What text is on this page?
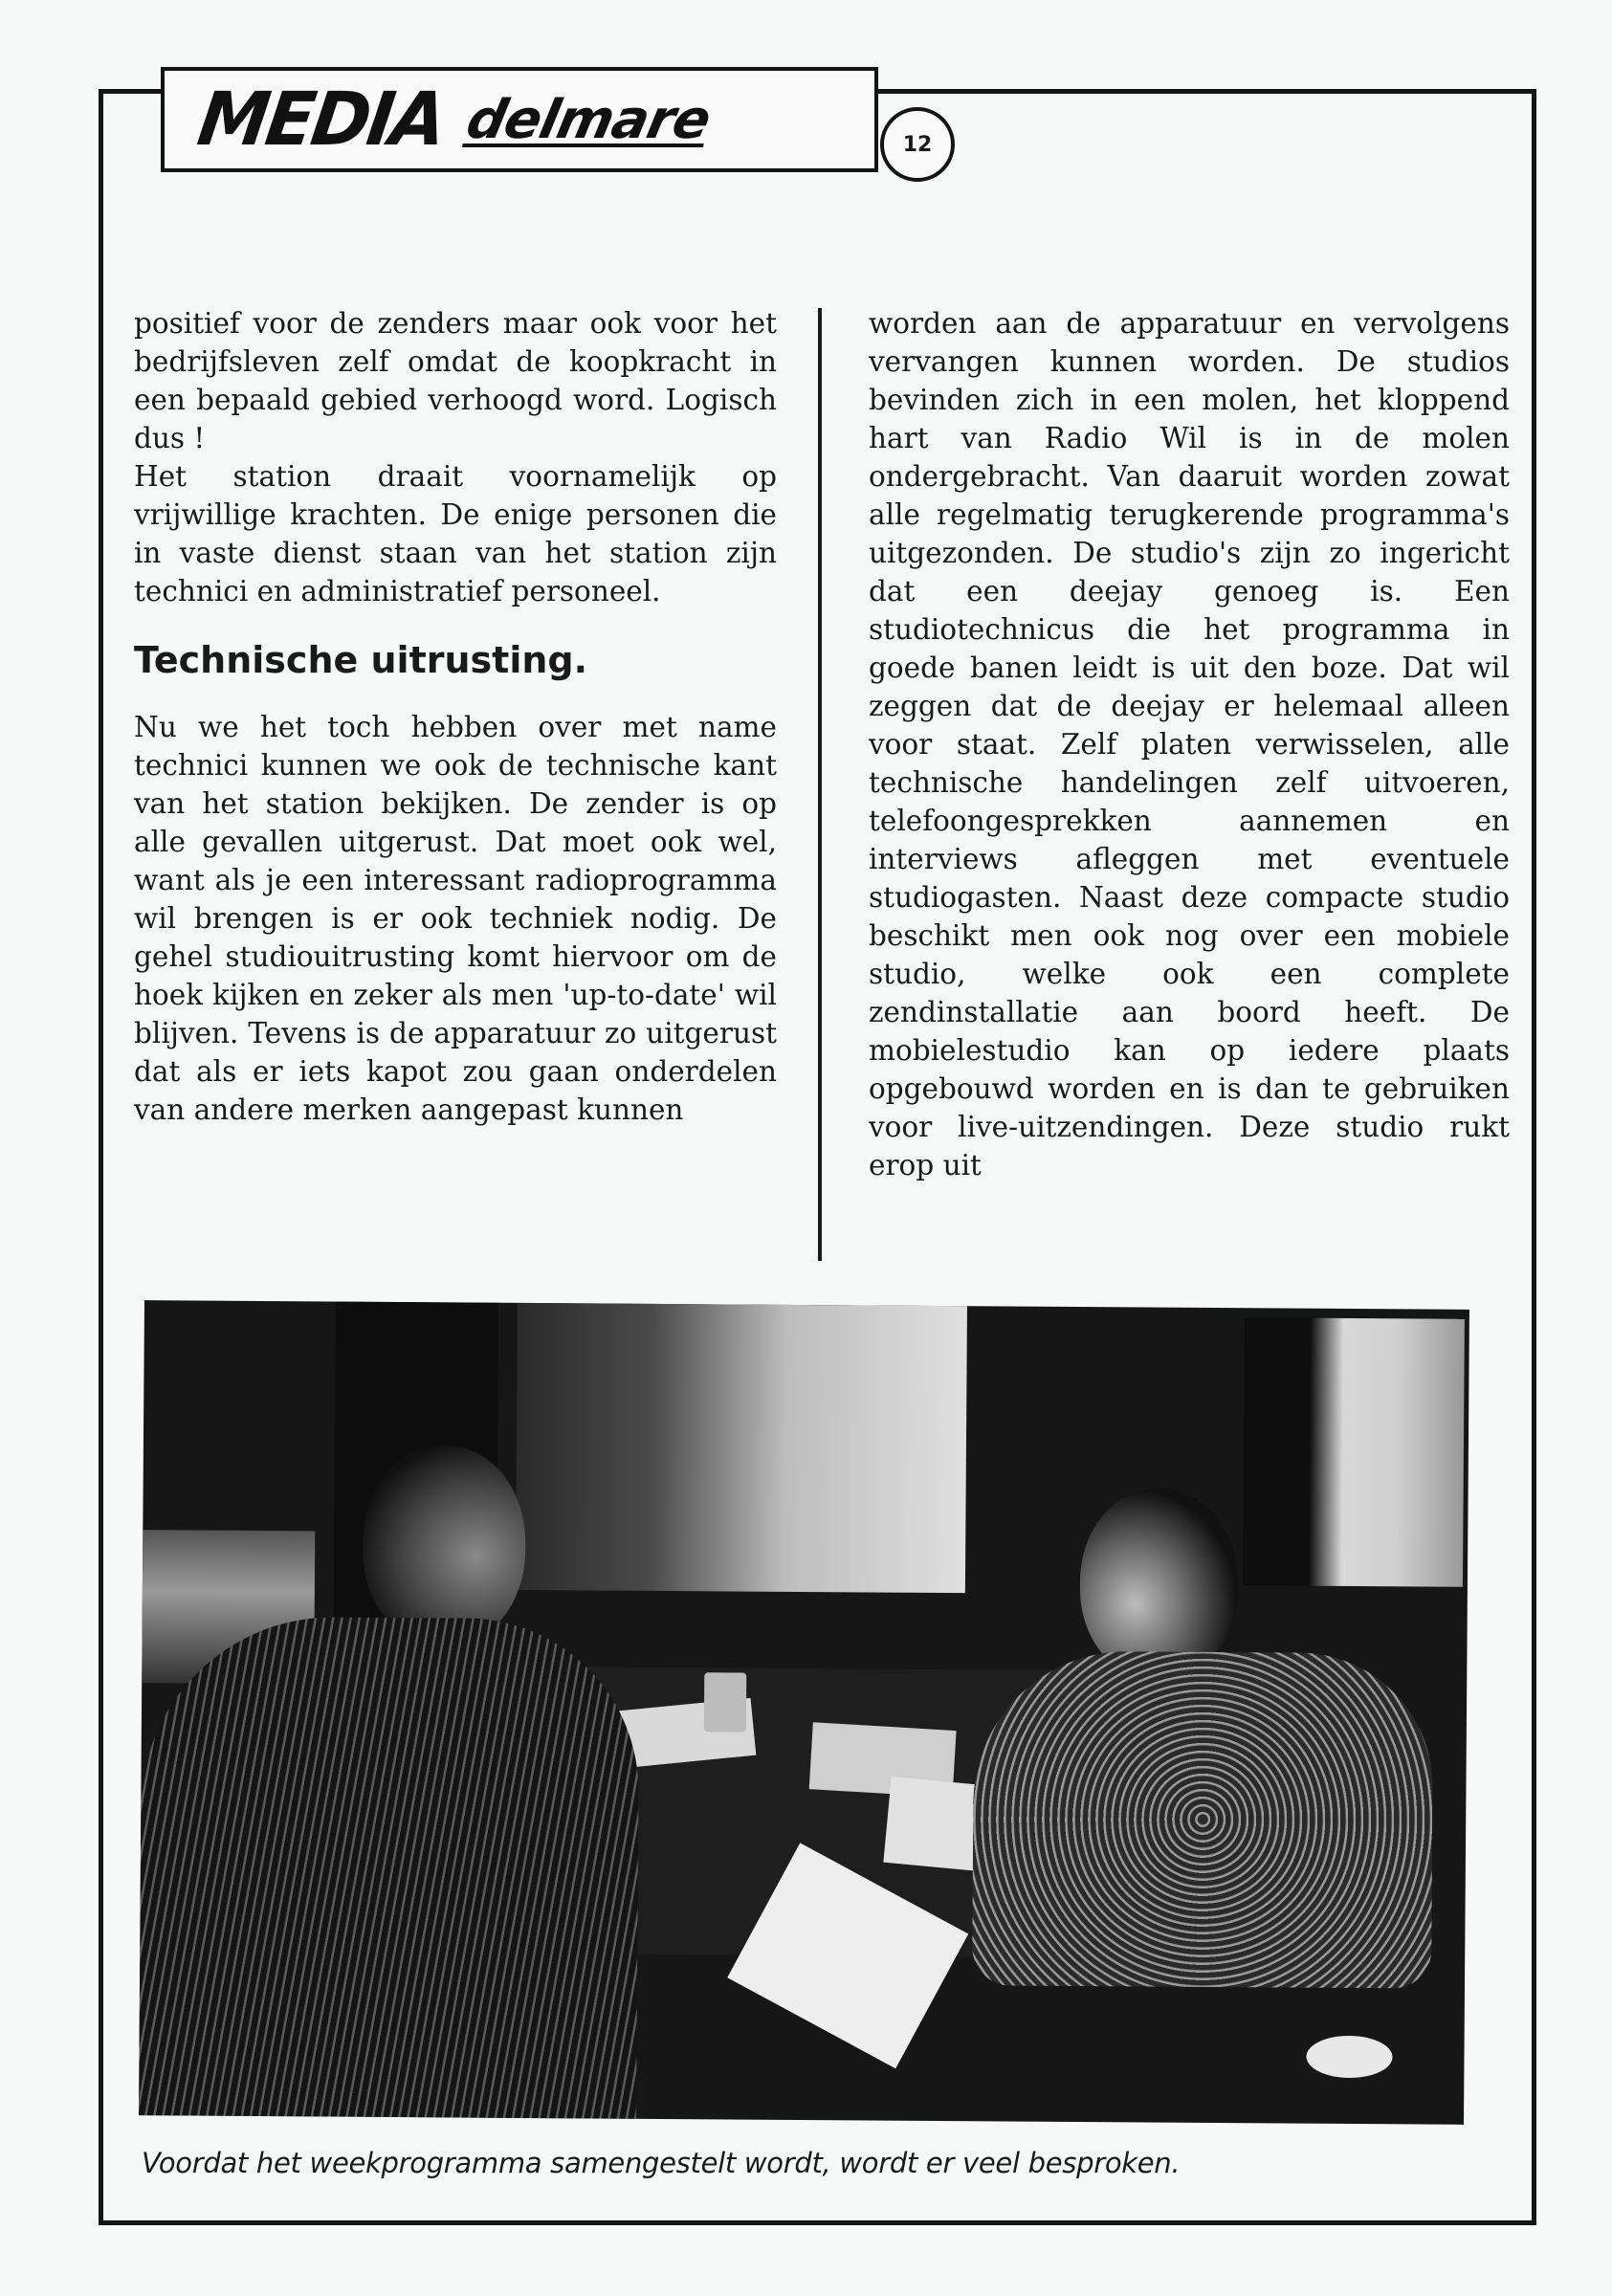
MEDIA delmare	12

positief voor de zenders maar ook voor het bedrijfsleven zelf omdat de koopkracht in een bepaald gebied verhoogd word. Logisch dus !

Het station draait voornamelijk op vrijwillige krachten. De enige personen die in vaste dienst staan van het station zijn technici en administratief personeel.

Technische uitrusting.

Nu we het toch hebben over met name technici kunnen we ook de technische kant van het station bekijken. De zender is op alle gevallen uitgerust. Dat moet ook wel, want als je een interessant radioprogramma wil brengen is er ook techniek nodig. De gehel studiouitrusting komt hiervoor om de hoek kijken en zeker als men 'up-to-date' wil blijven. Tevens is de apparatuur zo uitgerust dat als er iets kapot zou gaan onderdelen van andere merken aangepast kunnen

worden aan de apparatuur en vervolgens vervangen kunnen worden. De studios bevinden zich in een molen, het kloppend hart van Radio Wil is in de molen ondergebracht. Van daaruit worden zowat alle regelmatig terugkerende programma's uitgezonden. De studio's zijn zo ingericht dat een deejay genoeg is. Een studiotechnicus die het programma in goede banen leidt is uit den boze. Dat wil zeggen dat de deejay er helemaal alleen voor staat. Zelf platen verwisselen, alle technische handelingen zelf uitvoeren, telefoongesprekken aannemen en interviews afleggen met eventuele studiogasten. Naast deze compacte studio beschikt men ook nog over een mobiele studio, welke ook een complete zendinstallatie aan boord heeft. De mobielestudio kan op iedere plaats opgebouwd worden en is dan te gebruiken voor live-uitzendingen. Deze studio rukt erop uit

Voordat het weekprogramma samengestelt wordt, wordt er veel besproken.
